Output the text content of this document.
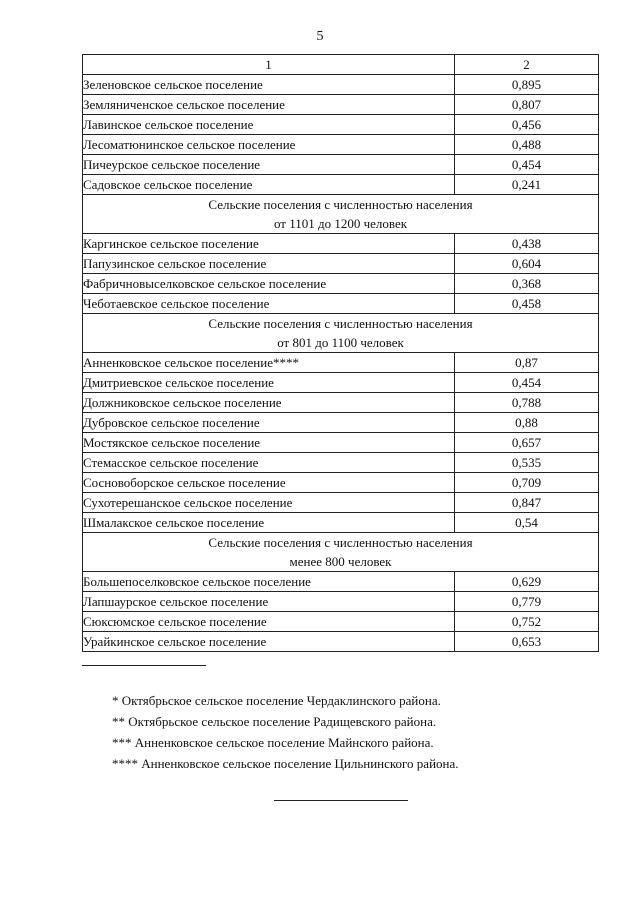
5
1	2
Зеленовское сельское поселение	0,895
Земляниченское сельское поселение	0,807
Лавинское сельское поселение	0,456
Лесоматюнинское сельское поселение	0,488
Пичеурское сельское поселение	0,454
Садовское сельское поселение	0,241

Сельские поселения с численностью населения
от 1101 до 1200 человек	

Каргинское сельское поселение	0,438
Папузинское сельское поселение	0,604
Фабричновыселковское сельское поселение	0,368
Чеботаевское сельское поселение	0,458

Сельские поселения с численностью населения
от 801 до 1100 человек	

Анненковское сельское поселение****	0,87
Дмитриевское сельское поселение	0,454
Должниковское сельское поселение	0,788
Дубровское сельское поселение	0,88
Мостякское сельское поселение	0,657
Стемасское сельское поселение	0,535
Сосновоборское сельское поселение	0,709
Сухотерешанское сельское поселение	0,847
Шмалакское сельское поселение	0,54

Сельские поселения с численностью населения
менее 800 человек	

Большепоселковское сельское поселение	0,629
Лапшаурское сельское поселение	0,779
Сюксюмское сельское поселение	0,752
Урайкинское сельское поселение	0,653
* Октябрьское сельское поселение Чердаклинского района.
** Октябрьское сельское поселение Радищевского района.
*** Анненковское сельское поселение Майнского района.
**** Анненковское сельское поселение Цильнинского района.
